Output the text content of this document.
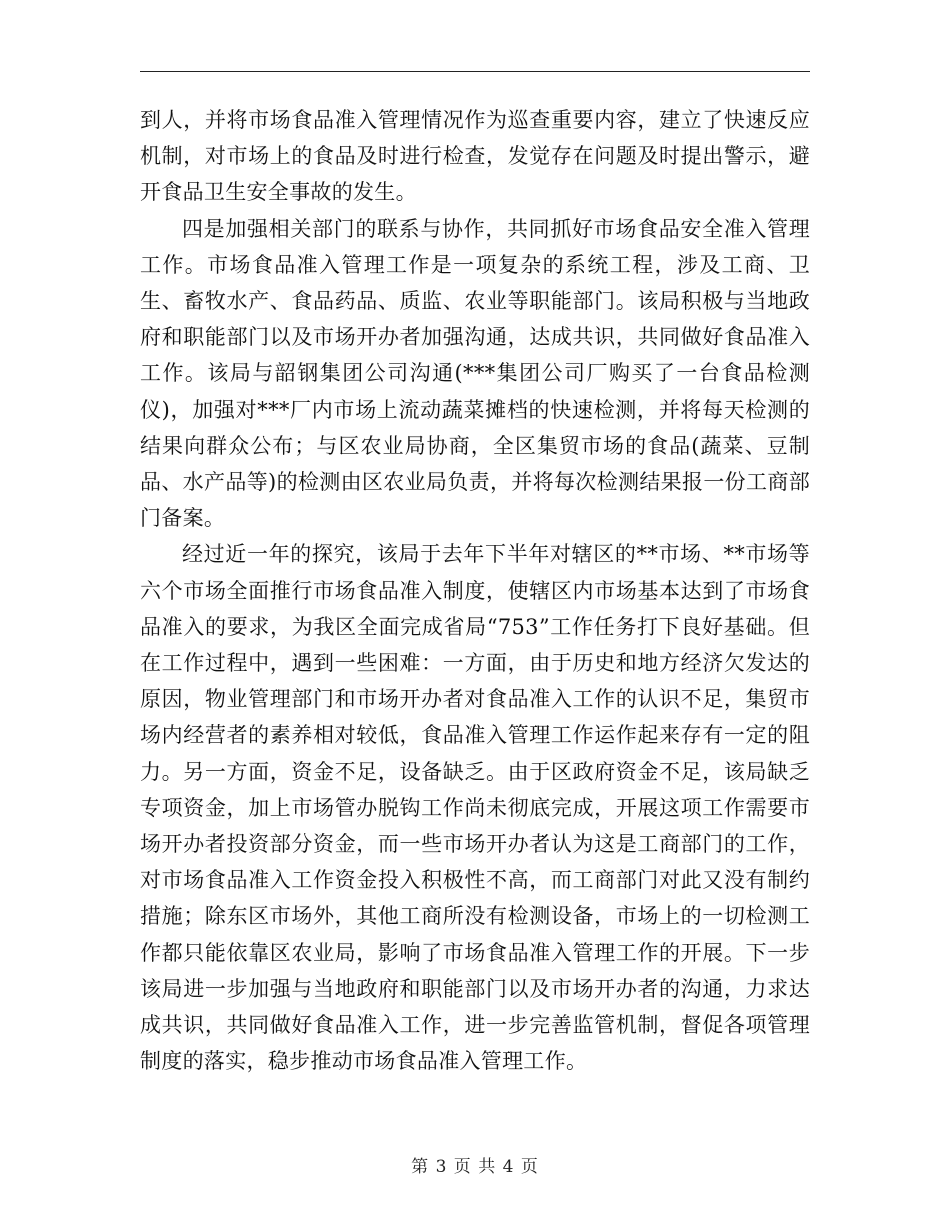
到人，并将市场食品准入管理情况作为巡查重要内容，建立了快速反应机制，对市场上的食品及时进行检查，发觉存在问题及时提出警示，避开食品卫生安全事故的发生。

四是加强相关部门的联系与协作，共同抓好市场食品安全准入管理工作。市场食品准入管理工作是一项复杂的系统工程，涉及工商、卫生、畜牧水产、食品药品、质监、农业等职能部门。该局积极与当地政府和职能部门以及市场开办者加强沟通，达成共识，共同做好食品准入工作。该局与韶钢集团公司沟通(***集团公司厂购买了一台食品检测仪)，加强对***厂内市场上流动蔬菜摊档的快速检测，并将每天检测的结果向群众公布；与区农业局协商，全区集贸市场的食品(蔬菜、豆制品、水产品等)的检测由区农业局负责，并将每次检测结果报一份工商部门备案。

经过近一年的探究，该局于去年下半年对辖区的**市场、**市场等六个市场全面推行市场食品准入制度，使辖区内市场基本达到了市场食品准入的要求，为我区全面完成省局“753”工作任务打下良好基础。但在工作过程中，遇到一些困难：一方面，由于历史和地方经济欠发达的原因，物业管理部门和市场开办者对食品准入工作的认识不足，集贸市场内经营者的素养相对较低，食品准入管理工作运作起来存有一定的阻力。另一方面，资金不足，设备缺乏。由于区政府资金不足，该局缺乏专项资金，加上市场管办脱钩工作尚未彻底完成，开展这项工作需要市场开办者投资部分资金，而一些市场开办者认为这是工商部门的工作，对市场食品准入工作资金投入积极性不高，而工商部门对此又没有制约措施；除东区市场外，其他工商所没有检测设备，市场上的一切检测工作都只能依靠区农业局，影响了市场食品准入管理工作的开展。下一步该局进一步加强与当地政府和职能部门以及市场开办者的沟通，力求达成共识，共同做好食品准入工作，进一步完善监管机制，督促各项管理制度的落实，稳步推动市场食品准入管理工作。

第 3 页 共 4 页
